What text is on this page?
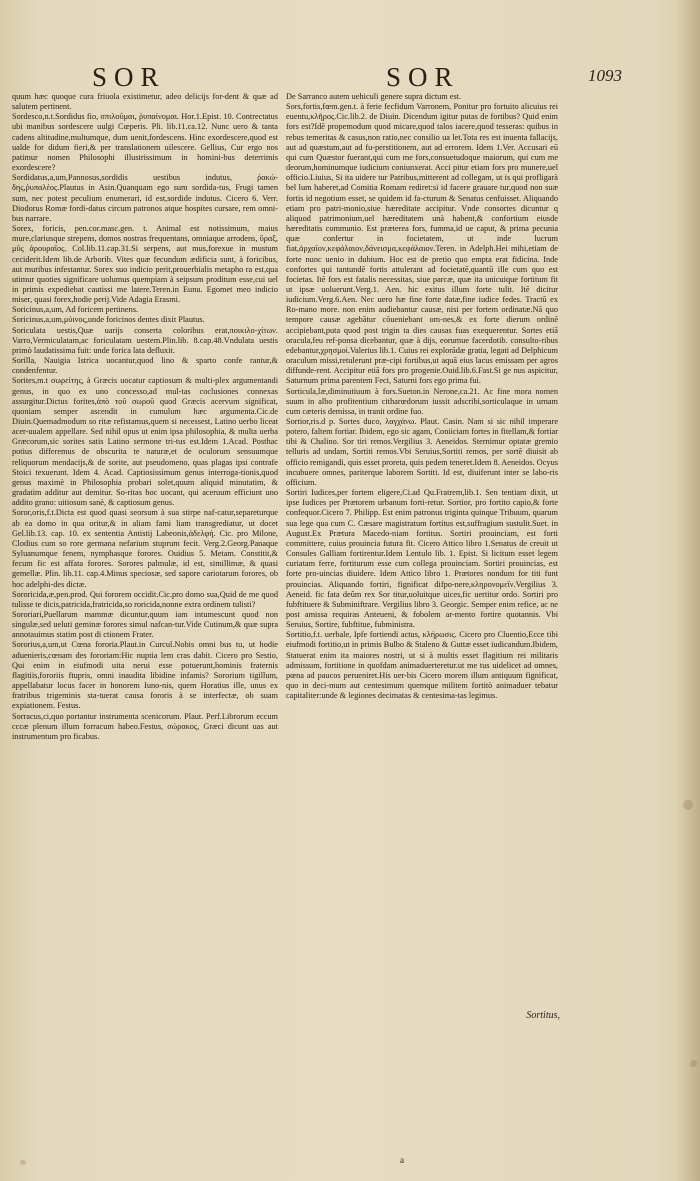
SOR	SOR	1093

quum hæc quoque cura friuola existimetur, adeo delicijs for-dent & quæ ad salutem pertinent.

Sordesco,n.t.Sordidus fio, σπιλοῦμαι, ῥυπαίνομαι. Hor.1.Epist. 10. Contrectatus ubi manibus sordescere uulgi Cœperis. Pli. lib.11.ca.12. Nunc uero & tanta cadens altitudine,multumque, dum uenit,fordescens. Hinc exordescere,quod est ualde for didum fieri,& per translationem uilescere. Gellius, Cur ergo nos patimur nomen Philosophi illustrissimum in homini-bus deterrimis exordescere?

Sordidatus,a,um,Pannosus,sordidis uestibus indutus, ῥακώ-δης,ῥυπαλέος.Plautus in Asin.Quanquam ego sum sordida-tus, Frugi tamen sum, nec potest peculium enumerari, id est,sordide indutus. Cicero 6. Verr. Diodorus Romæ fordi-datus circum patronos atque hospites cursare, rem omni-bus narrare.

Sorex, foricis, pen.cor.masc.gen. t. Animal est notissimum, maius mure,clariusque strepens, domos nostras frequentans, omniaque arrodens, ὕραξ, μῦς ἀρουραῖος. Col.lib.11.cap.31.Si serpens, aut mus,forexue in mustum ceciderit.Idem lib.de Arborib. Vites quæ fecundum ædificia sunt, à foricibus, aut muribus infestantur. Sorex suo indicio perit,prouerbialis metapho ra est,qua utimur quoties significare uolumus quempiam à seipsum proditum esse,cui uel in primis expediebat cautissi me latere.Teren.in Eunu. Egomet meo indicio miser, quasi forex,hodie perij.Vide Adagia Erasmi.

Soricinus,a,um, Ad foricem pertinens.

Soricinus,a,um,μύινος,unde foricinos dentes dixit Plautus.

Soriculata uestis,Quæ uarijs conserta coloribus erat,ποικιλο-χίτων. Varro,Vermiculatam,ac foriculatam uestem.Plin.lib. 8.cap.48.Vndulata uestis primò laudatissima fuit: unde forica lata defluxit.

Sorilla, Nauigia Istrica uocantur,quod lino & sparto confe rantur,& condenfentur.

Sorites,m.t σωρείτης, à Græcis uocatur captiosum & multi-plex argumentandi genus, in quo ex uno concesso,ad mul-tas coclusiones connexas assurgitur.Dictus forites,ἀπὸ τοῦ σωροῦ quod Græcis acervum significat, quoniam semper ascendit in cumulum hæc argumenta.Cic.de Diuin.Quemadmodum so ritæ refistamus,quem si necessest, Latino uerbo liceat acer-uualem appellare. Sed nihil opus ut enim ipsa philosophia, & multa uerba Græcorum,sic sorites satis Latino sermone tri-tus est.Idem 1.Acad. Posthac potius differemus de obscurita te naturæ,et de oculorum sensuumque reliquorum mendacijs,& de sorite, aut pseudomeno, quas plagas ipsi contrafe Stoici texuerunt. Idem 4. Acad. Captiosissimum genus interroga-tionis,quod genus maximè in Philosophia probari solet,quum aliquid minutatim, & gradatim additur aut demitur. So-ritas hoc uocant, qui aceruum efficiunt uno addito grano: uitiosum sanè, & captiosum genus.

Soror,oris,f.t.Dicta est quod quasi seorsum à sua stirpe naf-catur,separeturque ab ea domo in qua oritur,& in aliam fami liam transgrediatur, ut docet Gel.lib.13. cap. 10. ex sententia Antistij Labeonis,ἀδελφή. Cic. pro Milone, Clodius cum so rore germana nefarium stuprum fecit. Verg.2.Georg.Panaque Syluanumque fenem, nymphasque forores. Ouidius 5. Metam. Constitit,& fecum fic est affata forores. Sorores palmulæ, id est, simillimæ, & quasi gemellæ. Plin. lib.11. cap.4.Minus speciosæ, sed sapore cariotarum forores, ob hoc adelphi-des dictæ.

Sororicida,æ,pen.prod. Qui fororem occidit.Cic.pro domo sua,Quid de me quod tulisse te dicis,patricida,fratricida,so roricida,nonne extra ordinem tulisti?

Sororiari,Puellarum mammæ dicuntur,quum iam intumescunt quod non singulæ,sed ueluti geminæ forores simul nafcan-tur.Vide Cutinum,& quæ supra annotauimus statim post di ctionem Frater.

Sororius,a,um,ut Cœna fororia.Plaut.in Curcul.Nobis omni bus tu, ut hodie aduenieris,cœnam des fororiam:Hic nuptia lem cras dabit. Cicero pro Sestio, Qui enim in eiufmodi uita nerui esse potuerunt,hominis fraternis flagitiis,fororiis ftupris, omni inaudita libidine infamis? Sororium tigillum, appellabatur locus facer in honorem Iuno-nis, quem Horatius ille, unus ex fratribus trigeminis sta-tuerat causa fororis à se interfectæ, ob suam expiationem. Festus.

Sorracus,ci,quo portantur instrumenta scenicorum. Plaut. Perf.Librorum eccum cccæ plenum illum forracum habeo.Festus, σώρακος, Græci dicunt uas aut instrumentum pro ficabus.

De Sarranco autem uehiculi genere supra dictum est.

Sors,fortis,fœm.gen.t. à ferie fecfidum Varronem, Ponitur pro fortuito alicuius rei euentu,κλῆρος.Cic.lib.2. de Diuin. Dicendum igitur putas de fortibus? Quid enim fors est?Idē propemodum quod micare,quod talos iacere,quod tesseras: quibus in rebus temeritas & casus,non ratio,nec consilio ua let.Tota res est inuenta fallacijs, aut ad quæstum,aut ad fu-perstitionem, aut ad errorem. Idem 1.Ver. Accusari eū qui cum Quæstor fuerant,qui cum me fors,consuetudoque maiorum, qui cum me deorum,hominumque iudicium coniunxerat. Acci pitur etiam fors pro munere,uel officio.Liuius, Si ita uidere tur Patribus,mitterent ad collegam, ut is qui profligarà bel lum haberet,ad Comitia Romam rediret:si id facere grauare tur,quod non suæ fortis id negotium esset, se quidem id fa-cturum & Senatus cenfuisset. Aliquando etiam pro patri-monio,siue hæreditate accipitur. Vnde consortes dicuntur q aliquod patrimonium,uel hæreditatem unà habent,& confortium eiusde hæreditatis communio. Est præterea fors, fumma,id ue caput, & prima pecunia quæ confertur in focietatem, ut inde lucrum fiat,ἀρχαῖον,κεφάλαιον,δάνεισμα,κεφάλαιον.Teren. in Adelph.Hei mihi,etiam de forte nunc uenio in dubium. Hoc est de pretio quo empta erat fidicina. Inde confortes qui tantundē fortis attulerant ad focietatē,quantū ille cum quo est focietas. Itē fors est fatalis necessitas, siue parcæ, quæ ita unicuique fortitum fit ut ipsæ uoluerunt.Verg.1. Aen. hic exitus illum forte tulit. Itē dicitur iudicium.Verg.6.Aen. Nec uero hæ fine forte datæ,fine iudice fedes. Tractū ex Ro-mano more. non enim audiebantur causæ, nisi per fortem ordinatæ.Nā quo tempore causæ agebātur cōueniebant om-nes,& ex forte dierum ordinē accipiebant,puta quod post trigin ta dies causas fuas exequerentur. Sortes etiā oracula,feu ref-ponsa dicebantur, quæ à dijs, eorumue facerdotib. consulto-ribus edebantur,χρησμοί.Valerius lib.1. Cuius rei explorādæ gratia, legati ad Delphicum oraculum missi,retulerunt præ-cipi fortibus,ut aquā eius lacus emissam per agros diffunde-rent. Accipitur etiā fors pro progenie.Ouid.lib.6.Fast.Si ge nus aspicitur, Saturnum prima parentem Feci, Saturni fors ego prima fui.

Sorticula,læ,diminutiuum à fors.Sueton.in Nerone,ca.21. Ac fine mora nomen suum in albo profitentium citharœdorum iussit adscribi,sorticulaque in urnam cum cæteris demissa, in tranit ordine fuo.

Sortior,ris.d p. Sortes duco, λαγχάνω. Plaut. Casin. Nam si sic nihil imperare potero, faltem fortiar. Ibidem, ego sic agam, Coniiciam fortes in fitellam,& fortiar tibi & Chalino. Sor tiri remos.Vergilius 3. Aeneidos. Sternimur optatæ gremio telluris ad undam, Sortiti remos.Vbi Seruius,Sortiti remos, per sortē diuisit ab officio remigandi, quis esset proreta, quis pedem teneret.Idem 8. Aeneidos. Ocyus incubuere omnes, pariterque laborem Sortiti. Id est, diuiferunt inter se labo-ris officium.

Sortiri Iudices,per fortem eligere,Ci.ad Qu.Fratrem,lib.1. Sen tentiam dixit, ut ipse Iudices per Prætorem urbanum forti-retur. Sortior, pro fortito capio,& forte confequor.Cicero 7. Philipp. Est enim patronus triginta quinque Tribuum, quarum sua lege qua cum C. Cæsare magistratum fortitus est,suffragium sustulit.Suet. in August.Ex Prætura Macedo-niam fortitus. Sortiri prouinciam, est forti committere, cuius prouincia futura fit. Cicero Attico libro 1.Senatus de creuit ut Consules Galliam fortirentur.Idem Lentulo lib. 1. Epist. Si licitum esset legem curiatam ferre, fortiturum esse cum collega prouinciam. Sortiri prouincias, est forte pro-uincias diuidere. Idem Attico libro 1. Prætores nondum for titi funt prouincias. Aliquando fortiri, fignificat difpo-nere,κληρονομεῖν.Vergilius 3. Aeneid. fic fata deûm rex Sor titur,uoluitque uices,fic uertitur ordo. Sortiri pro fubftituere & Subminiftrare. Vergilius libro 3. Georgic. Semper enim refice, ac ne post amissa requiras Anteueni, & fobolem ar-mento fortire quotannis. Vbi Seruius, Sortire, fubftitue, fubministra.

Sortitio,f.t. uerbale, Ipfe fortiendi actus, κλήρωσις. Cicero pro Cluentio,Ecce tibi eiufmodi fortitio,ut in primis Bulbo & Staleno & Guttæ esset iudicandum.Ibidem, Statuerat enim ita maiores nostri, ut si à multis esset flagitium rei militaris admissum, fortitione in quofdam animaduerteretur.ut me tus uidelicet ad omnes, pœna ad paucos perueniret.His uer-bis Cicero morem illum antiquum fignificat, quo in deci-mum aut centesimum quemque militem fortitò animaduer tebatur capitaliter:unde & legiones decimatas & centesima-tas legimus.

Sortitus,
a
